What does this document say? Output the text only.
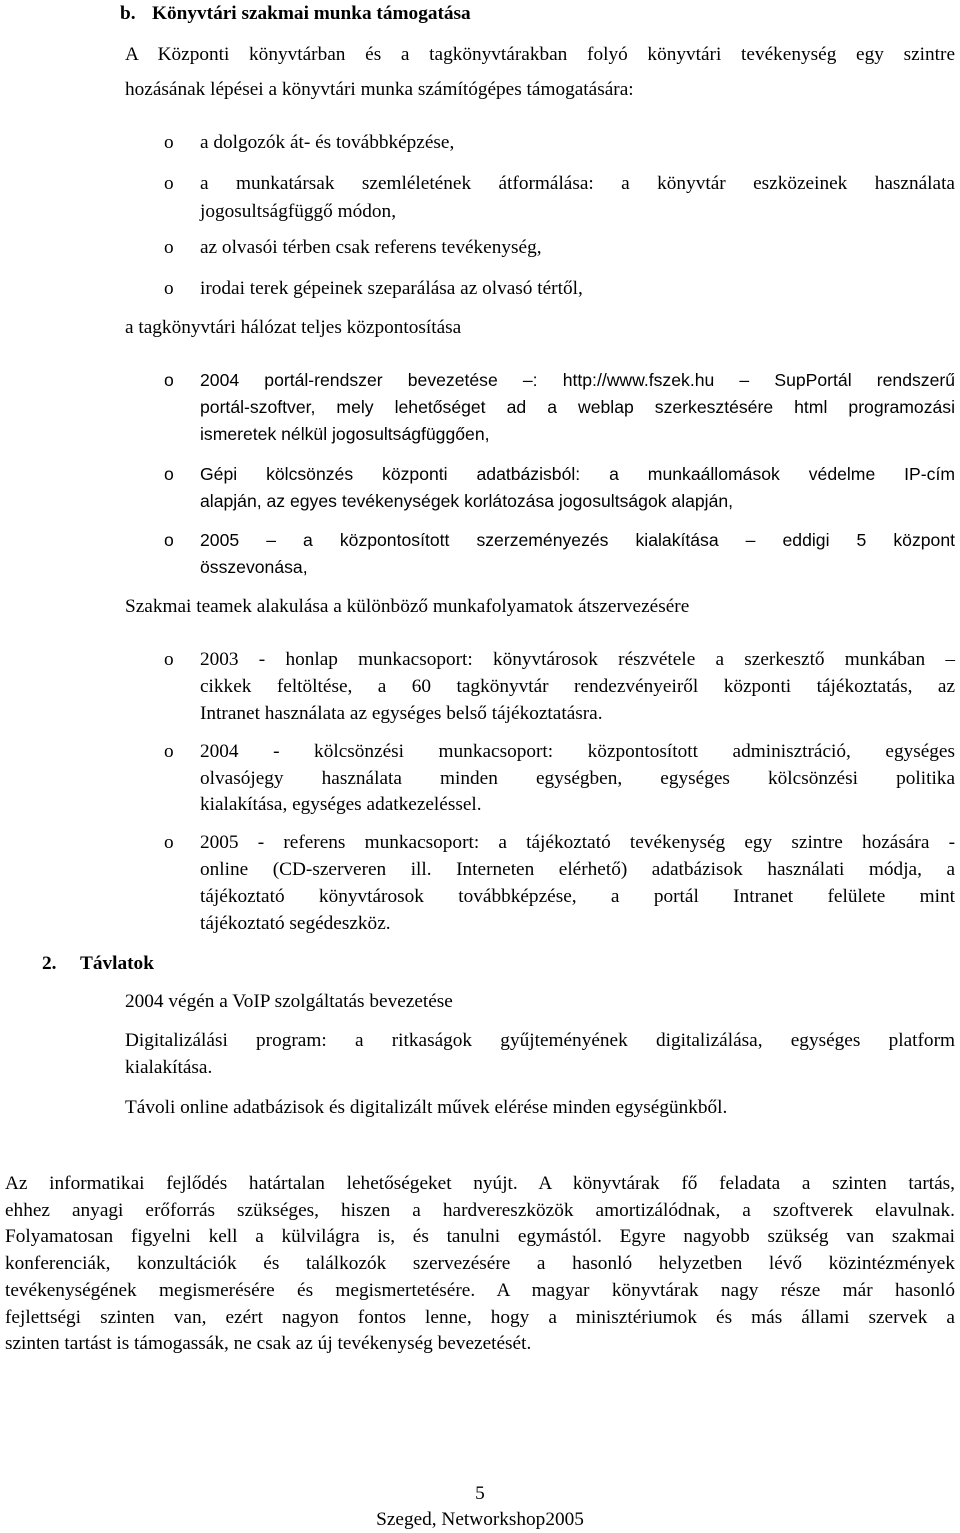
b. Könyvtári szakmai munka támogatása
A Központi könyvtárban és a tagkönyvtárakban folyó könyvtári tevékenység egy szintre
hozásának lépései a könyvtári munka számítógépes támogatására:
o a dolgozók át- és továbbképzése,
o a munkatársak szemléletének átformálása: a könyvtár eszközeinek használata
jogosultságfüggő módon,
o az olvasói térben csak referens tevékenység,
o irodai terek gépeinek szeparálása az olvasó tértől,
a tagkönyvtári hálózat teljes központosítása
o 2004 portál-rendszer bevezetése –: http://www.fszek.hu – SupPortál rendszerű
portál-szoftver, mely lehetőséget ad a weblap szerkesztésére html programozási
ismeretek nélkül jogosultságfüggően,
o Gépi kölcsönzés központi adatbázisból: a munkaállomások védelme IP-cím
alapján, az egyes tevékenységek korlátozása jogosultságok alapján,
o 2005 – a központosított szerzeményezés kialakítása – eddigi 5 központ
összevonása,
Szakmai teamek alakulása a különböző munkafolyamatok átszervezésére
o 2003 - honlap munkacsoport: könyvtárosok részvétele a szerkesztő munkában –
cikkek feltöltése, a 60 tagkönyvtár rendezvényeiről központi tájékoztatás, az
Intranet használata az egységes belső tájékoztatásra.
o 2004 - kölcsönzési munkacsoport: központosított adminisztráció, egységes
olvasójegy használata minden egységben, egységes kölcsönzési politika
kialakítása, egységes adatkezeléssel.
o 2005 - referens munkacsoport: a tájékoztató tevékenység egy szintre hozására -
online (CD-szerveren ill. Interneten elérhető) adatbázisok használati módja, a
tájékoztató könyvtárosok továbbképzése, a portál Intranet felülete mint
tájékoztató segédeszköz.
2. Távlatok
2004 végén a VoIP szolgáltatás bevezetése
Digitalizálási program: a ritkaságok gyűjteményének digitalizálása, egységes platform
kialakítása.
Távoli online adatbázisok és digitalizált művek elérése minden egységünkből.
Az informatikai fejlődés határtalan lehetőségeket nyújt. A könyvtárak fő feladata a szinten tartás,
ehhez anyagi erőforrás szükséges, hiszen a hardvereszközök amortizálódnak, a szoftverek elavulnak.
Folyamatosan figyelni kell a külvilágra is, és tanulni egymástól. Egyre nagyobb szükség van szakmai
konferenciák, konzultációk és találkozók szervezésére a hasonló helyzetben lévő közintézmények
tevékenységének megismerésére és megismertetésére. A magyar könyvtárak nagy része már hasonló
fejlettségi szinten van, ezért nagyon fontos lenne, hogy a minisztériumok és más állami szervek a
szinten tartást is támogassák, ne csak az új tevékenység bevezetését.
5
Szeged, Networkshop2005
